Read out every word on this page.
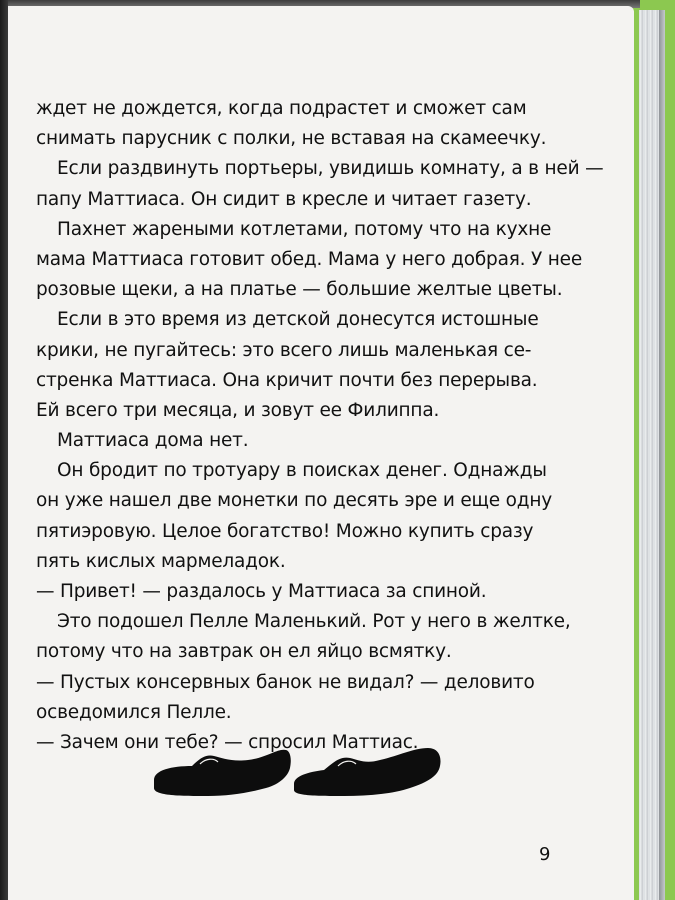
ждет не дождется, когда подрастет и сможет сам
снимать парусник с полки, не вставая на скамеечку.
Если раздвинуть портьеры, увидишь комнату, а в ней —
папу Маттиаса. Он сидит в кресле и читает газету.
Пахнет жареными котлетами, потому что на кухне
мама Маттиаса готовит обед. Мама у него добрая. У нее
розовые щеки, а на платье — большие желтые цветы.
Если в это время из детской донесутся истошные
крики, не пугайтесь: это всего лишь маленькая се-
стренка Маттиаса. Она кричит почти без перерыва.
Ей всего три месяца, и зовут ее Филиппа.
Маттиаса дома нет.
Он бродит по тротуару в поисках денег. Однажды
он уже нашел две монетки по десять эре и еще одну
пятиэровую. Целое богатство! Можно купить сразу
пять кислых мармеладок.
— Привет! — раздалось у Маттиаса за спиной.
Это подошел Пелле Маленький. Рот у него в желтке,
потому что на завтрак он ел яйцо всмятку.
— Пустых консервных банок не видал? — деловито
осведомился Пелле.
— Зачем они тебе? — спросил Маттиас.
9
